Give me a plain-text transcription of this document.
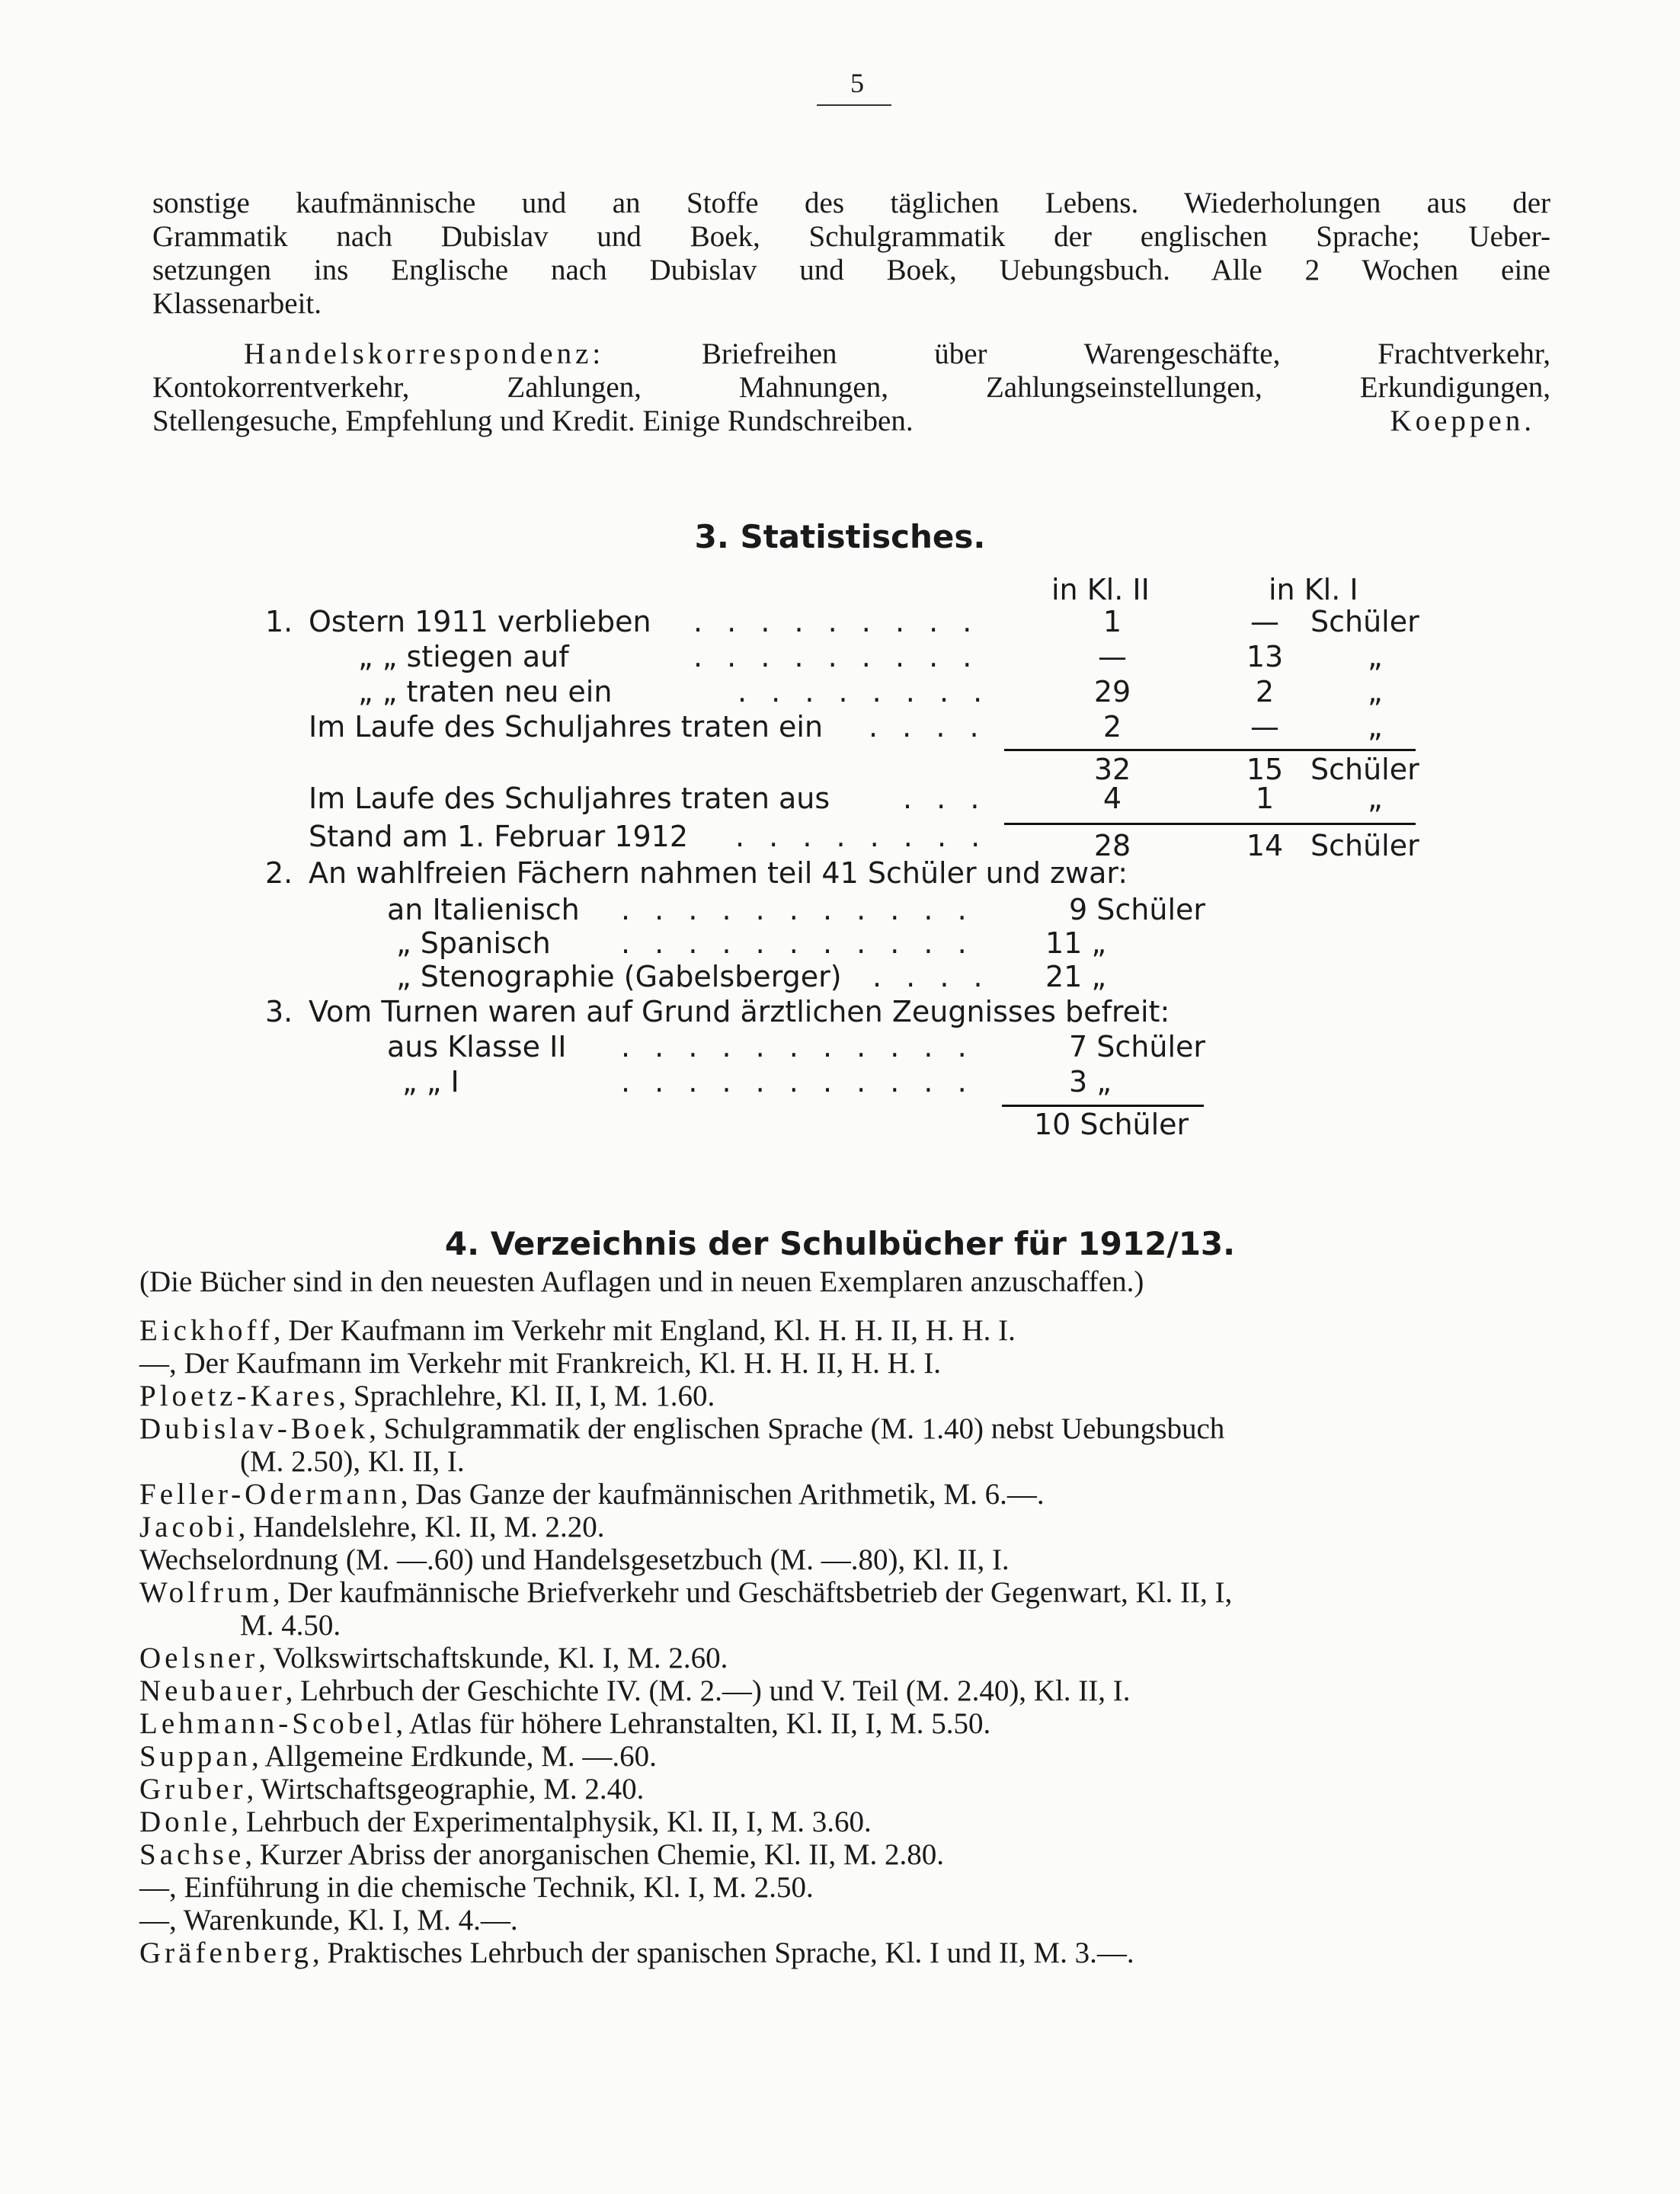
5
sonstige kaufmännische und an Stoffe des täglichen Lebens. Wiederholungen aus der
Grammatik nach Dubislav und Boek, Schulgrammatik der englischen Sprache; Ueber-
setzungen ins Englische nach Dubislav und Boek, Uebungsbuch. Alle 2 Wochen eine
Klassenarbeit.
Handelskorrespondenz: Briefreihen über Warengeschäfte, Frachtverkehr,
Kontokorrentverkehr, Zahlungen, Mahnungen, Zahlungseinstellungen, Erkundigungen,
Stellengesuche, Empfehlung und Kredit. Einige Rundschreiben.	Koeppen.
3. Statistisches.
in Kl. II	in Kl. I
1. Ostern 1911 verblieben . . . . . . . . .	1	— Schüler
„ „ stiegen auf	. . . . . . . . .	—	13	„
„ „ traten neu ein	. . . . . . . .	29	2	„
Im Laufe des Schuljahres traten ein . . . .	2	—	„
32	15 Schüler
Im Laufe des Schuljahres traten aus	. . .	4	1	„
Stand am 1. Februar 1912 . . . . . . . .	28	14 Schüler
2. An wahlfreien Fächern nahmen teil 41 Schüler und zwar:
an Italienisch . . . . . . . . . . .	9 Schüler
„ Spanisch . . . . . . . . . . . 11 „
„ Stenographie (Gabelsberger) . . . . 21 „
3. Vom Turnen waren auf Grund ärztlichen Zeugnisses befreit:
aus Klasse II . . . . . . . . . . .	7 Schüler
„ „ I	. . . . . . . . . . .	3 „
10 Schüler
4. Verzeichnis der Schulbücher für 1912/13.
(Die Bücher sind in den neuesten Auflagen und in neuen Exemplaren anzuschaffen.)
Eickhoff, Der Kaufmann im Verkehr mit England, Kl. H. H. II, H. H. I.
—, Der Kaufmann im Verkehr mit Frankreich, Kl. H. H. II, H. H. I.
Ploetz-Kares, Sprachlehre, Kl. II, I, M. 1.60.
Dubislav-Boek, Schulgrammatik der englischen Sprache (M. 1.40) nebst Uebungsbuch
(M. 2.50), Kl. II, I.
Feller-Odermann, Das Ganze der kaufmännischen Arithmetik, M. 6.—.
Jacobi, Handelslehre, Kl. II, M. 2.20.
Wechselordnung (M. —.60) und Handelsgesetzbuch (M. —.80), Kl. II, I.
Wolfrum, Der kaufmännische Briefverkehr und Geschäftsbetrieb der Gegenwart, Kl. II, I,
M. 4.50.
Oelsner, Volkswirtschaftskunde, Kl. I, M. 2.60.
Neubauer, Lehrbuch der Geschichte IV. (M. 2.—) und V. Teil (M. 2.40), Kl. II, I.
Lehmann-Scobel, Atlas für höhere Lehranstalten, Kl. II, I, M. 5.50.
Suppan, Allgemeine Erdkunde, M. —.60.
Gruber, Wirtschaftsgeographie, M. 2.40.
Donle, Lehrbuch der Experimentalphysik, Kl. II, I, M. 3.60.
Sachse, Kurzer Abriss der anorganischen Chemie, Kl. II, M. 2.80.
—, Einführung in die chemische Technik, Kl. I, M. 2.50.
—, Warenkunde, Kl. I, M. 4.—.
Gräfenberg, Praktisches Lehrbuch der spanischen Sprache, Kl. I und II, M. 3.—.
